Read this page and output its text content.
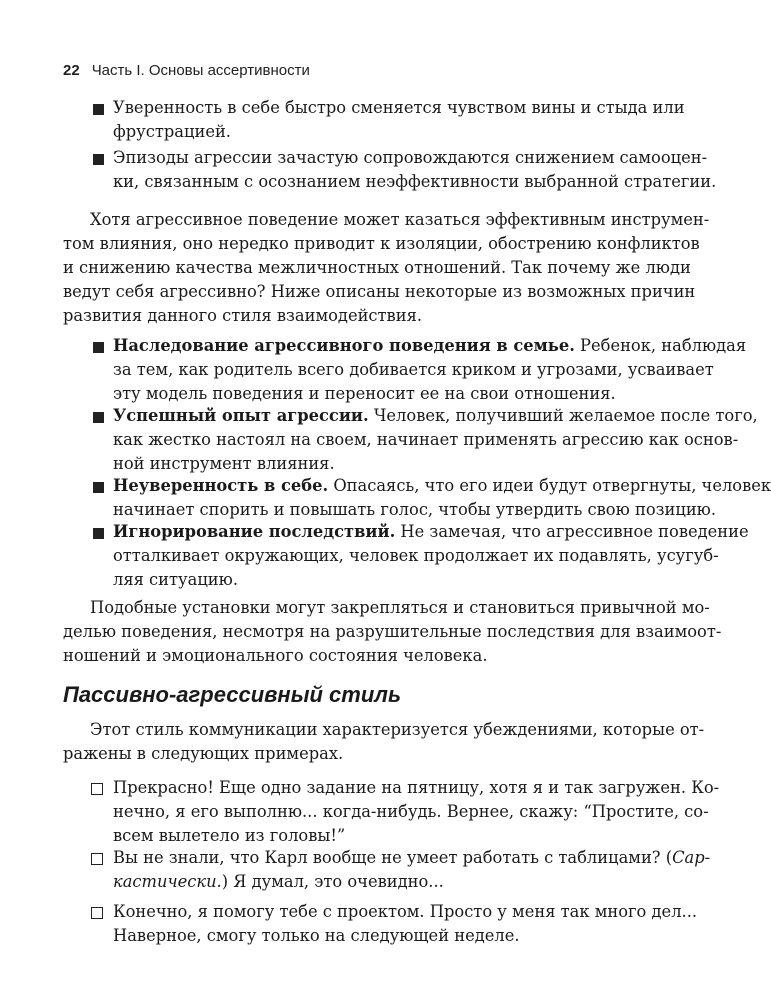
22 Часть I. Основы ассертивности
Уверенность в себе быстро сменяется чувством вины и стыда или
фрустрацией.
Эпизоды агрессии зачастую сопровождаются снижением самооцен-
ки, связанным с осознанием неэффективности выбранной стратегии.
Хотя агрессивное поведение может казаться эффективным инструмен-
том влияния, оно нередко приводит к изоляции, обострению конфликтов
и снижению качества межличностных отношений. Так почему же люди
ведут себя агрессивно? Ниже описаны некоторые из возможных причин
развития данного стиля взаимодействия.
Наследование агрессивного поведения в семье. Ребенок, наблюдая
за тем, как родитель всего добивается криком и угрозами, усваивает
эту модель поведения и переносит ее на свои отношения.
Успешный опыт агрессии. Человек, получивший желаемое после того,
как жестко настоял на своем, начинает применять агрессию как основ-
ной инструмент влияния.
Неуверенность в себе. Опасаясь, что его идеи будут отвергнуты, человек
начинает спорить и повышать голос, чтобы утвердить свою позицию.
Игнорирование последствий. Не замечая, что агрессивное поведение
отталкивает окружающих, человек продолжает их подавлять, усугуб-
ляя ситуацию.
Подобные установки могут закрепляться и становиться привычной мо-
делью поведения, несмотря на разрушительные последствия для взаимоот-
ношений и эмоционального состояния человека.
Пассивно-агрессивный стиль
Этот стиль коммуникации характеризуется убеждениями, которые от-
ражены в следующих примерах.
Прекрасно! Еще одно задание на пятницу, хотя я и так загружен. Ко-
нечно, я его выполню... когда-нибудь. Вернее, скажу: “Простите, со-
всем вылетело из головы!”
Вы не знали, что Карл вообще не умеет работать с таблицами? (Сар-
кастически.) Я думал, это очевидно...
Конечно, я помогу тебе с проектом. Просто у меня так много дел...
Наверное, смогу только на следующей неделе.
